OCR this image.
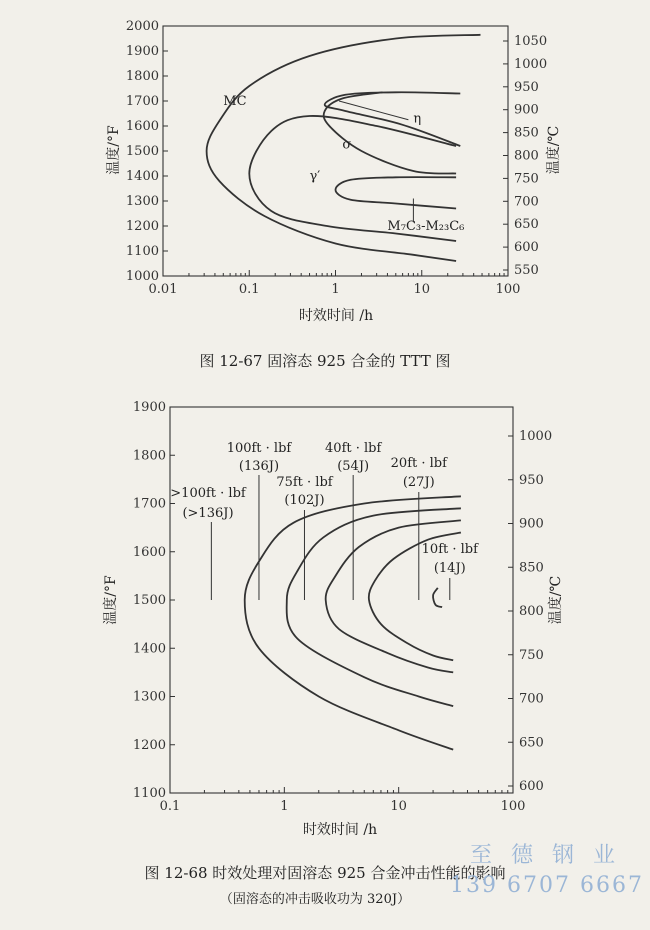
0.01	0.1	1	10	100
1000
1100
1200
1300
1400
1500
1600
1700
1800
1900
2000
550
600
650
700
750
800
850
900
950
1000
1050
MC
η
σ
γ′
M₇C₃-M₂₃C₆
时效时间 /h
温度/°F	温度/℃
图 12-67 固溶态 925 合金的 TTT 图
0.1	1	10	100
1100
1200
1300
1400
1500
1600
1700
1800
1900
600
650
700
750
800
850
900
950
1000
>100ft · lbf
(>136J)
100ft · lbf
(136J)
75ft · lbf
(102J)
40ft · lbf
(54J) 20ft · lbf
(27J)
10ft · lbf
(14J)
时效时间 /h
温度/°F	温度/℃
图 12-68 时效处理对固溶态 925 合金冲击性能的影响
（固溶态的冲击吸收功为 320J）
至 德 钢 业
139 6707 6667
